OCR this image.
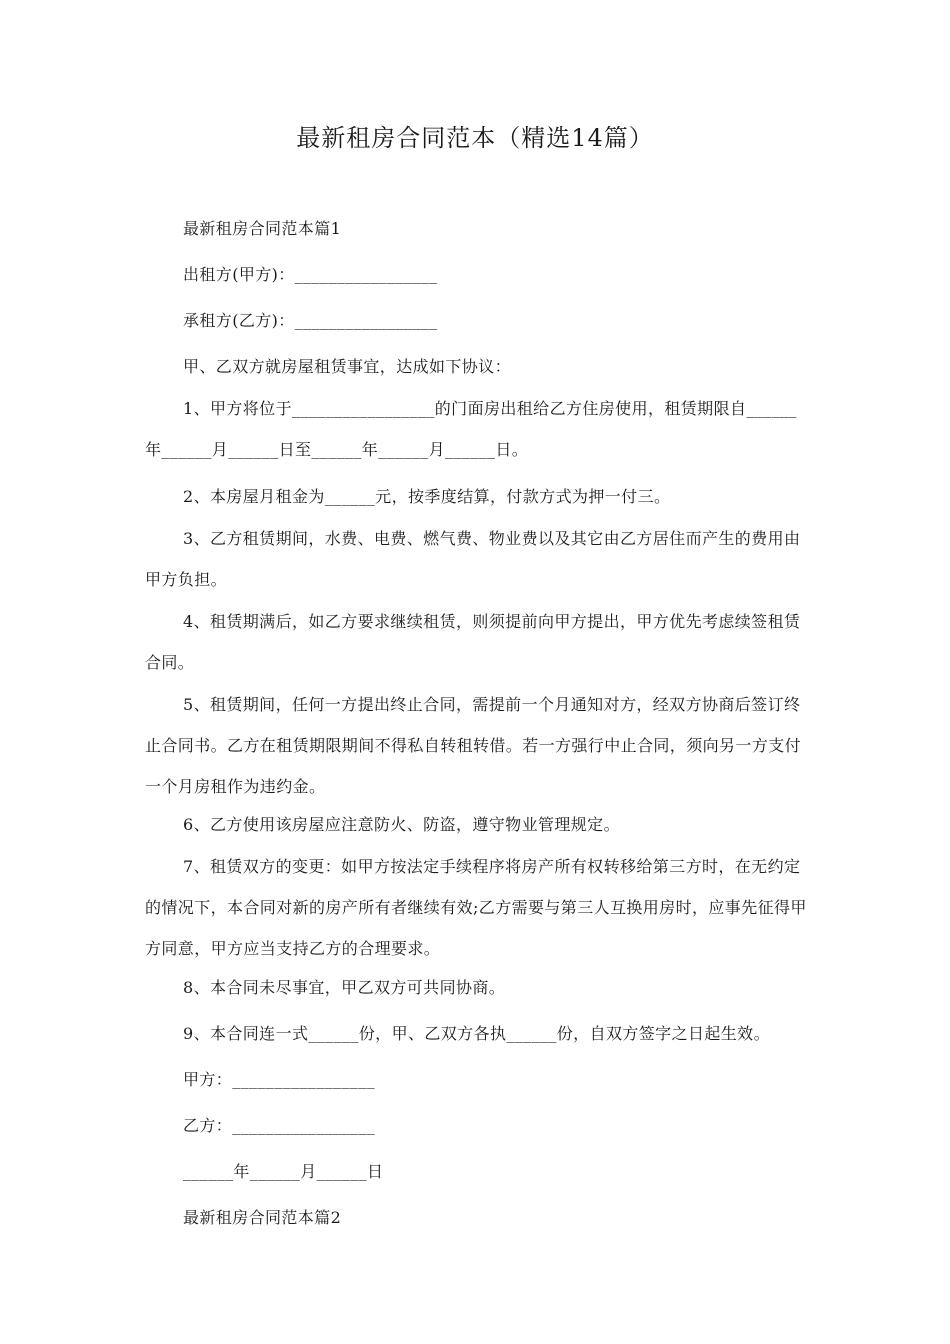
最新租房合同范本（精选14篇）
最新租房合同范本篇1
出租方(甲方)：_________________
承租方(乙方)：_________________
甲、乙双方就房屋租赁事宜，达成如下协议：
1、甲方将位于_________________的门面房出租给乙方住房使用，租赁期限自______年______月______日至______年______月______日。
2、本房屋月租金为______元，按季度结算，付款方式为押一付三。
3、乙方租赁期间，水费、电费、燃气费、物业费以及其它由乙方居住而产生的费用由甲方负担。
4、租赁期满后，如乙方要求继续租赁，则须提前向甲方提出，甲方优先考虑续签租赁合同。
5、租赁期间，任何一方提出终止合同，需提前一个月通知对方，经双方协商后签订终止合同书。乙方在租赁期限期间不得私自转租转借。若一方强行中止合同，须向另一方支付一个月房租作为违约金。
6、乙方使用该房屋应注意防火、防盗，遵守物业管理规定。
7、租赁双方的变更：如甲方按法定手续程序将房产所有权转移给第三方时，在无约定的情况下，本合同对新的房产所有者继续有效;乙方需要与第三人互换用房时，应事先征得甲方同意，甲方应当支持乙方的合理要求。
8、本合同未尽事宜，甲乙双方可共同协商。
9、本合同连一式______份，甲、乙双方各执______份，自双方签字之日起生效。
甲方：_________________
乙方：_________________
______年______月______日
最新租房合同范本篇2
